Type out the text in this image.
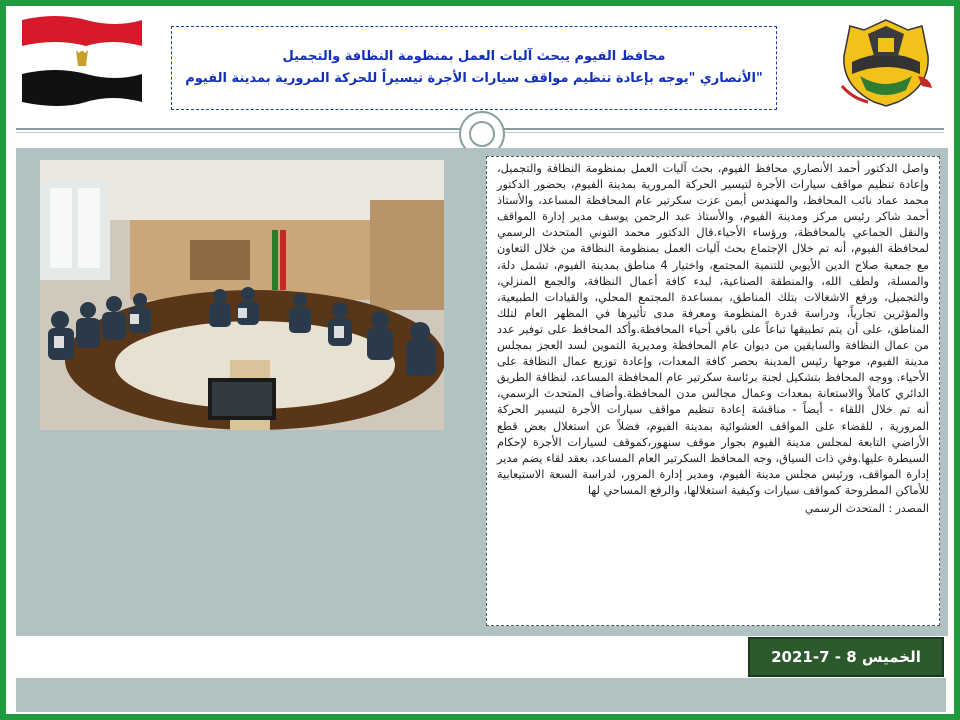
محافظ الفيوم يبحث آليات العمل بمنظومة النظافة والتجميل
"الأنصاري "يوجه بإعادة تنظيم مواقف سيارات الأجرة تيسيراً للحركة المرورية بمدينة الفيوم

واصل الدكتور أحمد الأنصاري محافظ الفيوم، بحث آليات العمل بمنظومة النظافة والتجميل، وإعادة تنظيم مواقف سيارات الأجرة لتيسير الحركة المرورية بمدينة الفيوم، بحضور الدكتور محمد عماد نائب المحافظ، والمهندس أيمن عزت سكرتير عام المحافظة المساعد، والأستاذ أحمد شاكر رئيس مركز ومدينة الفيوم، والأستاذ عبد الرحمن يوسف مدير إدارة المواقف والنقل الجماعي بالمحافظة، ورؤساء الأحياء.قال الدكتور محمد التوني المتحدث الرسمي لمحافظة الفيوم، أنه تم خلال الإجتماع بحث آليات العمل بمنظومة النظافة من خلال التعاون مع جمعية صلاح الدين الأيوبي للتنمية المجتمع، واختيار 4 مناطق بمدينة الفيوم، تشمل دلة، والمسلة، ولطف الله، والمنطقة الصناعية، لبدء كافة أعمال النظافة، والجمع المنزلي، والتجميل، ورفع الاشغالات بتلك المناطق، بمساعدة المجتمع المحلي، والقيادات الطبيعية، والمؤثرين تجارياً، ودراسة قدرة المنظومة ومعرفة مدى تأثيرها في المظهر العام لتلك المناطق، على أن يتم تطبيقها تباعاً على باقي أحياء المحافظة.وأكد المحافظ على توفير عدد من عمال النظافة والسايقين من ديوان عام المحافظة ومديرية التموين لسد العجز بمجلس مدينة الفيوم، موجها رئيس المدينة بحصر كافة المعدات، وإعادة توزيع عمال النظافة على الأحياء. ووجه المحافظ بتشكيل لجنة برئاسة سكرتير عام المحافظة المساعد، لنظافة الطريق الدائري كاملاً والاستعانة بمعدات وعمال مجالس مدن المحافظة.وأضاف المتحدث الرسمي، أنه تم خلال اللقاء - أيضاً - مناقشة إعادة تنظيم مواقف سيارات الأجرة لتيسير الحركة المرورية ، للقضاء على المواقف العشوائية بمدينة الفيوم، فضلاً عن استغلال بعض قطع الأراضي التابعة لمجلس مدينة الفيوم بجوار موقف سنهور،كموقف لسيارات الأجرة لإحكام السيطرة عليها.وفي ذات السياق، وجه المحافظ السكرتير العام المساعد، بعقد لقاء يضم مدير إدارة المواقف، ورئيس مجلس مدينة الفيوم، ومدير إدارة المرور، لدراسة السعة الاستيعابية للأماكن المطروحة كمواقف سيارات وكيفية استغلالها، والرفع المساحي لها

المصدر : المتحدث الرسمي

الخميس 8 - 7-2021
